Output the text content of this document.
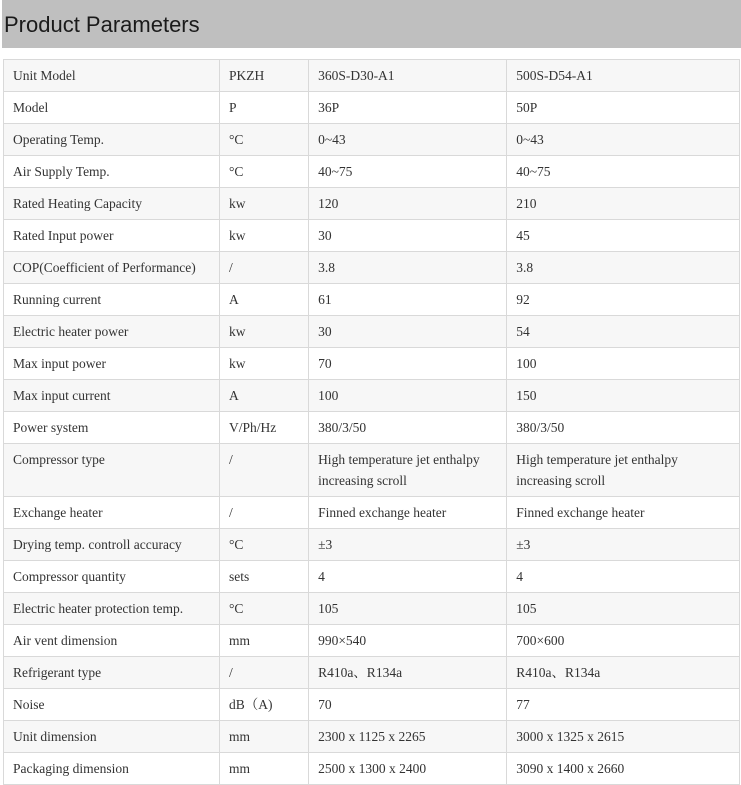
Product Parameters
Unit Model	PKZH	360S-D30-A1	500S-D54-A1
Model	P	36P	50P
Operating Temp.	°C	0~43	0~43
Air Supply Temp.	°C	40~75	40~75
Rated Heating Capacity	kw	120	210
Rated Input power	kw	30	45
COP(Coefficient of Performance)	/	3.8	3.8
Running current	A	61	92
Electric heater power	kw	30	54
Max input power	kw	70	100
Max input current	A	100	150
Power system	V/Ph/Hz	380/3/50	380/3/50
Compressor type	/	High temperature jet enthalpy increasing scroll	High temperature jet enthalpy increasing scroll
Exchange heater	/	Finned exchange heater	Finned exchange heater
Drying temp. controll accuracy	°C	±3	±3
Compressor quantity	sets	4	4
Electric heater protection temp.	°C	105	105
Air vent dimension	mm	990×540	700×600
Refrigerant type	/	R410a、R134a	R410a、R134a
Noise	dB（A)	70	77
Unit dimension	mm	2300 x 1125 x 2265	3000 x 1325 x 2615
Packaging dimension	mm	2500 x 1300 x 2400	3090 x 1400 x 2660
